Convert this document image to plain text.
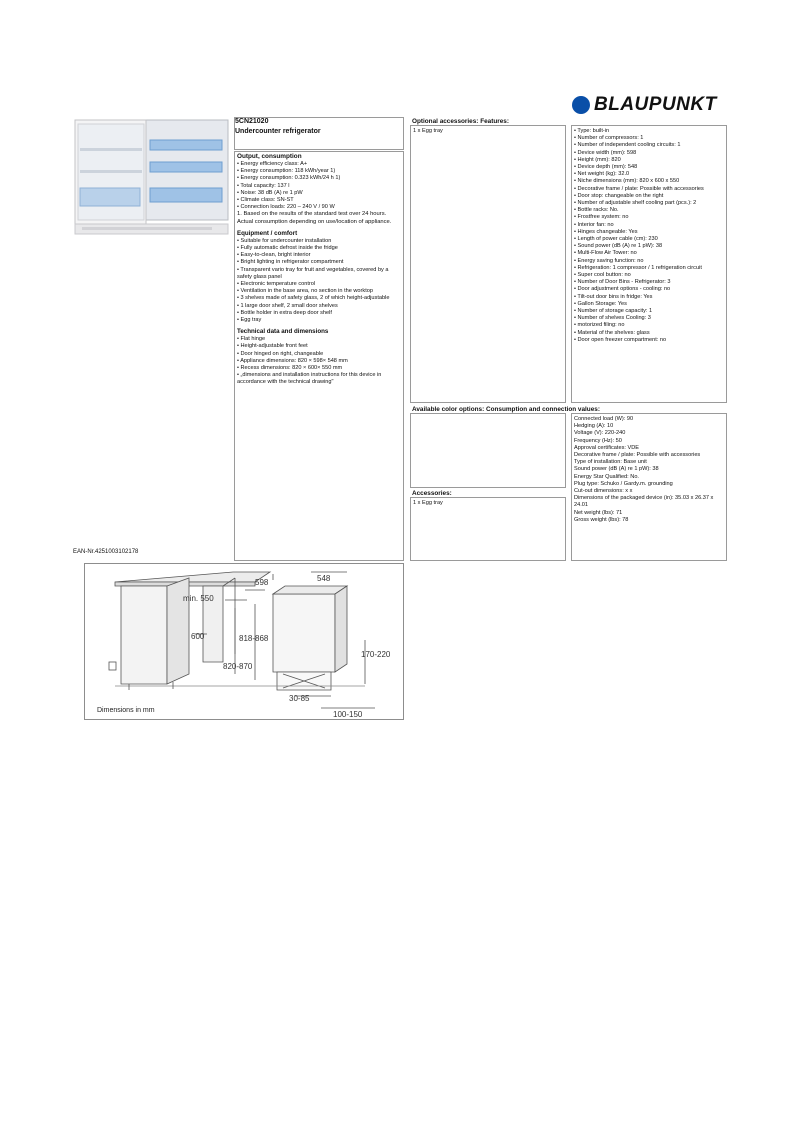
BLAUPUNKT
5CN21020
Undercounter refrigerator
Output, consumption
• Energy efficiency class: A+
• Energy consumption: 118 kWh/year 1)
• Energy consumption: 0.323 kWh/24 h 1)
• Total capacity: 137 l
• Noise: 38 dB (A) re 1 pW
• Climate class: SN-ST
• Connection loads: 220 – 240 V / 90 W
1. Based on the results of the standard test over 24 hours. Actual consumption depending on use/location of appliance.
Equipment / comfort
• Suitable for undercounter installation
• Fully automatic defrost inside the fridge
• Easy-to-clean, bright interior
• Bright lighting in refrigerator compartment
• Transparent vario tray for fruit and vegetables, covered by a safety glass panel
• Electronic temperature control
• Ventilation in the base area, no section in the worktop
• 3 shelves made of safety glass, 2 of which height-adjustable
• 1 large door shelf, 2 small door shelves
• Bottle holder in extra deep door shelf
• Egg tray
Technical data and dimensions
• Flat hinge
• Height-adjustable front feet
• Door hinged on right, changeable
• Appliance dimensions: 820 × 598× 548 mm
• Recess dimensions: 820 × 600× 550 mm
• „dimensions and installation instructions for this device in accordance with the technical drawing"
Optional accessories: Features:
1 x Egg tray
Available color options: Consumption and connection values:
Accessories:
1 x Egg tray
• Type: built-in
• Number of compressors: 1
• Number of independent cooling circuits: 1
• Device width (mm): 598
• Height (mm): 820
• Device depth (mm): 548
• Net weight (kg): 32.0
• Niche dimensions (mm): 820 x 600 x 550
• Decorative frame / plate: Possible with accessories
• Door stop: changeable on the right
• Number of adjustable shelf cooling part (pcs.): 2
• Bottle racks: No.
• Frostfree system: no
• Interior fan: no
• Hinges changeable: Yes
• Length of power cable (cm): 230
• Sound power (dB (A) re 1 pW): 38
• Multi-Flow Air Tower: no
• Energy saving function: no
• Refrigeration: 1 compressor / 1 refrigeration circuit
• Super cool button: no
• Number of Door Bins - Refrigerator: 3
• Door adjustment options - cooling: no
• Tilt-out door bins in fridge: Yes
• Gallon Storage: Yes
• Number of storage capacity: 1
• Number of shelves Cooling: 3
• motorized filing: no
• Material of the shelves: glass
• Door open freezer compartment: no
Connected load (W): 90
Hedging (A): 10
Voltage (V): 220-240
Frequency (Hz): 50
Approval certificates: VDE
Decorative frame / plate: Possible with accessories
Type of installation: Base unit
Sound power (dB (A) re 1 pW): 38
Energy Star Qualified: No.
Plug type: Schuko / Gardy.m. grounding
Cut-out dimensions: x x
Dimensions of the packaged device (in): 35.03 x 26.37 x 24.01
Net weight (lbs): 71
Gross weight (lbs): 78
EAN-Nr.4251003102178
598	548
min. 550
600	818-868
820-870
170-220
30-85
100-150
Dimensions in mm
